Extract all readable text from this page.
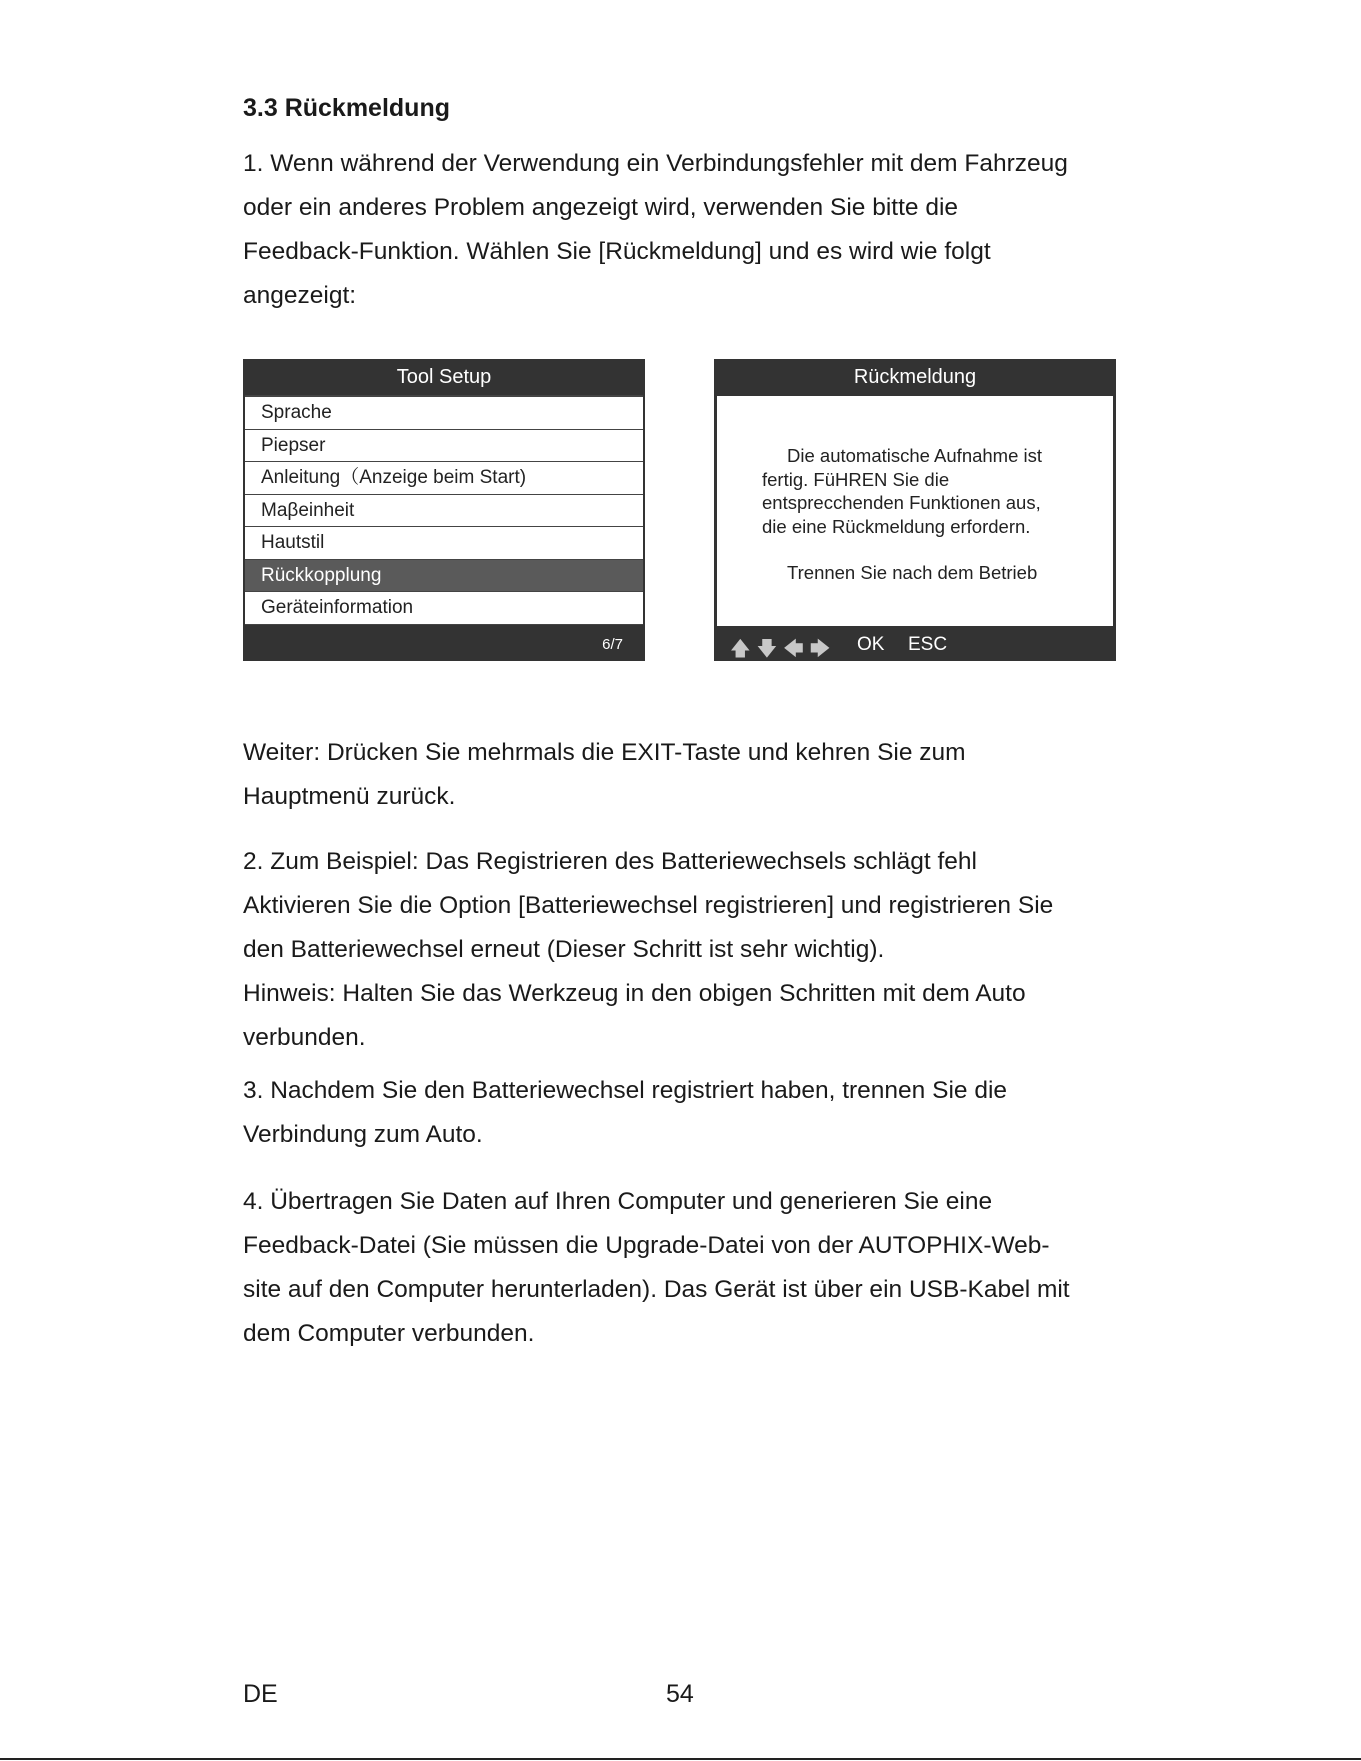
3.3 Rückmeldung

1. Wenn während der Verwendung ein Verbindungsfehler mit dem Fahrzeug
oder ein anderes Problem angezeigt wird, verwenden Sie bitte die
Feedback-Funktion. Wählen Sie [Rückmeldung] und es wird wie folgt
angezeigt:

Tool Setup
Sprache
Piepser
Anleitung（Anzeige beim Start)
Maβeinheit
Hautstil
Rückkopplung
Geräteinformation
6/7
Rückmeldung
Die automatische Aufnahme ist
fertig. FüHREN Sie die
entsprecchenden Funktionen aus,
die eine Rückmeldung erfordern.
Trennen Sie nach dem Betrieb
🡅 🡇 🡄 🡆 OK ESC

Weiter: Drücken Sie mehrmals die EXIT-Taste und kehren Sie zum
Hauptmenü zurück.

2. Zum Beispiel: Das Registrieren des Batteriewechsels schlägt fehl
Aktivieren Sie die Option [Batteriewechsel registrieren] und registrieren Sie
den Batteriewechsel erneut (Dieser Schritt ist sehr wichtig).
Hinweis: Halten Sie das Werkzeug in den obigen Schritten mit dem Auto
verbunden.

3. Nachdem Sie den Batteriewechsel registriert haben, trennen Sie die
Verbindung zum Auto.

4. Übertragen Sie Daten auf Ihren Computer und generieren Sie eine
Feedback-Datei (Sie müssen die Upgrade-Datei von der AUTOPHIX-Web-
site auf den Computer herunterladen). Das Gerät ist über ein USB-Kabel mit
dem Computer verbunden.

DE	54
